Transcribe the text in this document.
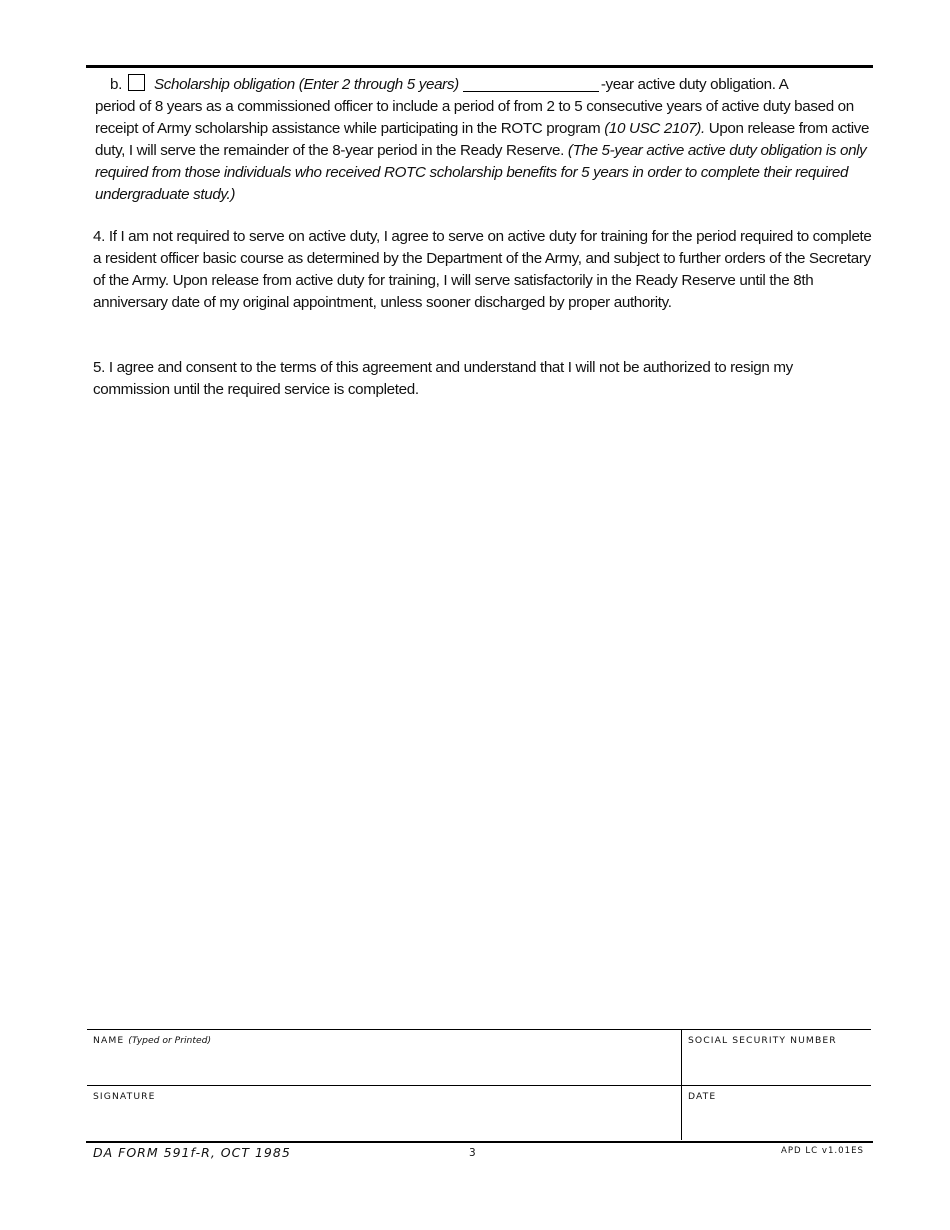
b. Scholarship obligation (Enter 2 through 5 years)	-year active duty obligation. A
period of 8 years as a commissioned officer to include a period of from 2 to 5 consecutive years of active duty based on receipt of Army scholarship assistance while participating in the ROTC program (10 USC 2107). Upon release from active duty, I will serve the remainder of the 8-year period in the Ready Reserve. (The 5-year active active duty obligation is only required from those individuals who received ROTC scholarship benefits for 5 years in order to complete their required undergraduate study.)
4. If I am not required to serve on active duty, I agree to serve on active duty for training for the period required to complete a resident officer basic course as determined by the Department of the Army, and subject to further orders of the Secretary of the Army. Upon release from active duty for training, I will serve satisfactorily in the Ready Reserve until the 8th anniversary date of my original appointment, unless sooner discharged by proper authority.
5. I agree and consent to the terms of this agreement and understand that I will not be authorized to resign my commission until the required service is completed.
NAME (Typed or Printed)	SOCIAL SECURITY NUMBER
SIGNATURE	DATE
DA FORM 591f-R, OCT 1985	3	APD LC v1.01ES
